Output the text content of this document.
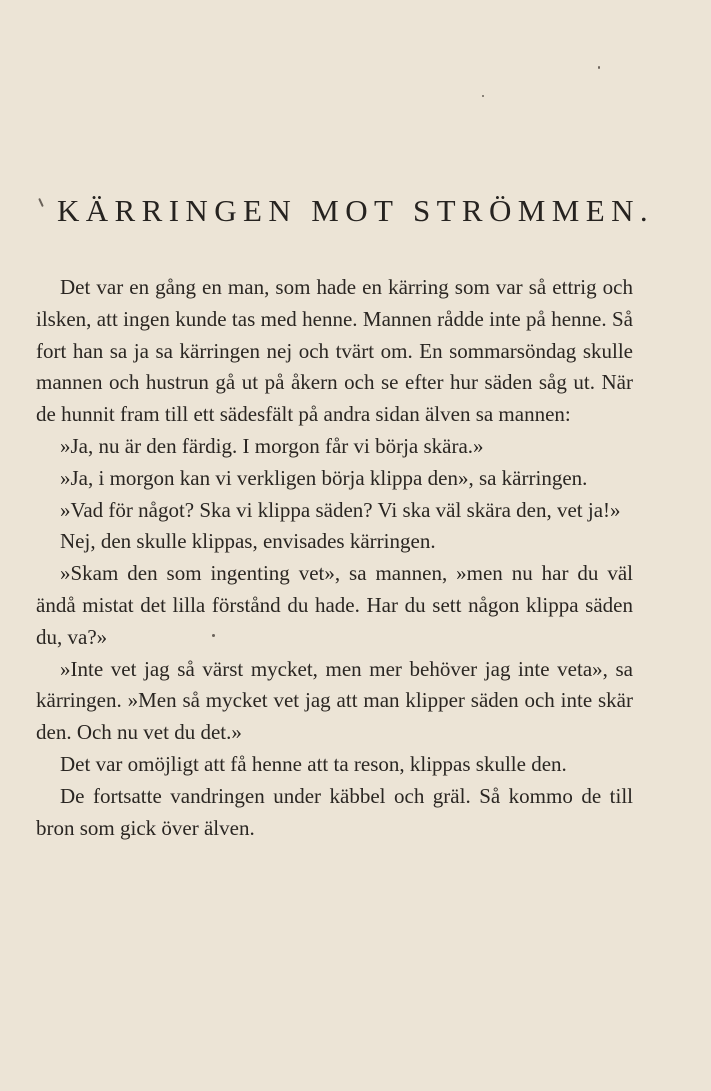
KÄRRINGEN MOT STRÖMMEN.

Det var en gång en man, som hade en kärring som var så ettrig och ilsken, att ingen kunde tas med henne. Mannen rådde inte på henne. Så fort han sa ja sa kärringen nej och tvärt om. En sommarsöndag skulle mannen och hustrun gå ut på åkern och se efter hur säden såg ut. När de hunnit fram till ett sädesfält på andra sidan älven sa mannen:

»Ja, nu är den färdig. I morgon får vi börja skära.»

»Ja, i morgon kan vi verkligen börja klippa den», sa kärringen.

»Vad för något? Ska vi klippa säden? Vi ska väl skära den, vet ja!»

Nej, den skulle klippas, envisades kärringen.

»Skam den som ingenting vet», sa mannen, »men nu har du väl ändå mistat det lilla förstånd du hade. Har du sett någon klippa säden du, va?»

»Inte vet jag så värst mycket, men mer behöver jag inte veta», sa kärringen. »Men så mycket vet jag att man klipper säden och inte skär den. Och nu vet du det.»

Det var omöjligt att få henne att ta reson, klippas skulle den.

De fortsatte vandringen under käbbel och gräl. Så kommo de till bron som gick över älven.
